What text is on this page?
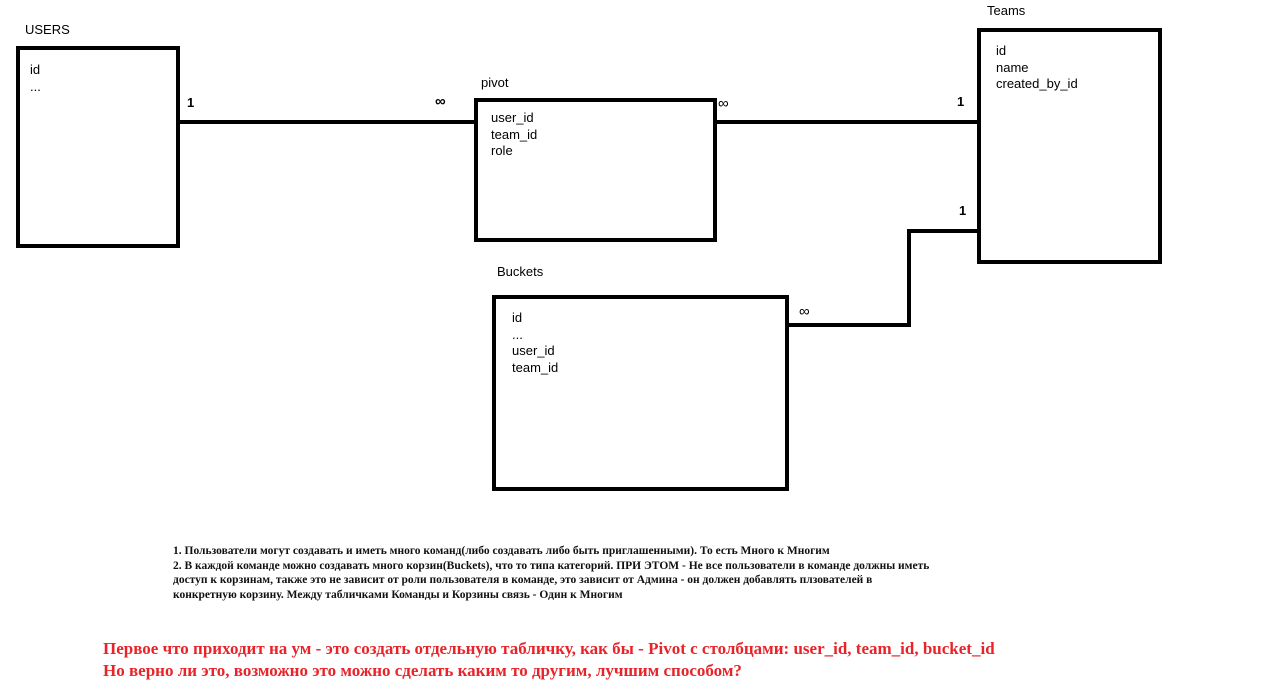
USERS
id
...	pivot
user_id
team_id
role
Teams
id
name
created_by_id
Buckets
id
...
user_id
team_id
1	∞	∞	1
∞
1
1. Пользователи могут создавать и иметь много команд(либо создавать либо быть приглашенными). То есть Много к Многим
2. В каждой команде можно создавать много корзин(Buckets), что то типа категорий. ПРИ ЭТОМ - Не все пользователи в команде должны иметь
доступ к корзинам, также это не зависит от роли пользователя в команде, это зависит от Админа - он должен добавлять плзователей в
конкретную корзину. Между табличками Команды и Корзины связь - Один к Многим
Первое что приходит на ум - это создать отдельную табличку, как бы - Pivot с столбцами: user_id, team_id, bucket_id
Но верно ли это, возможно это можно сделать каким то другим, лучшим способом?
